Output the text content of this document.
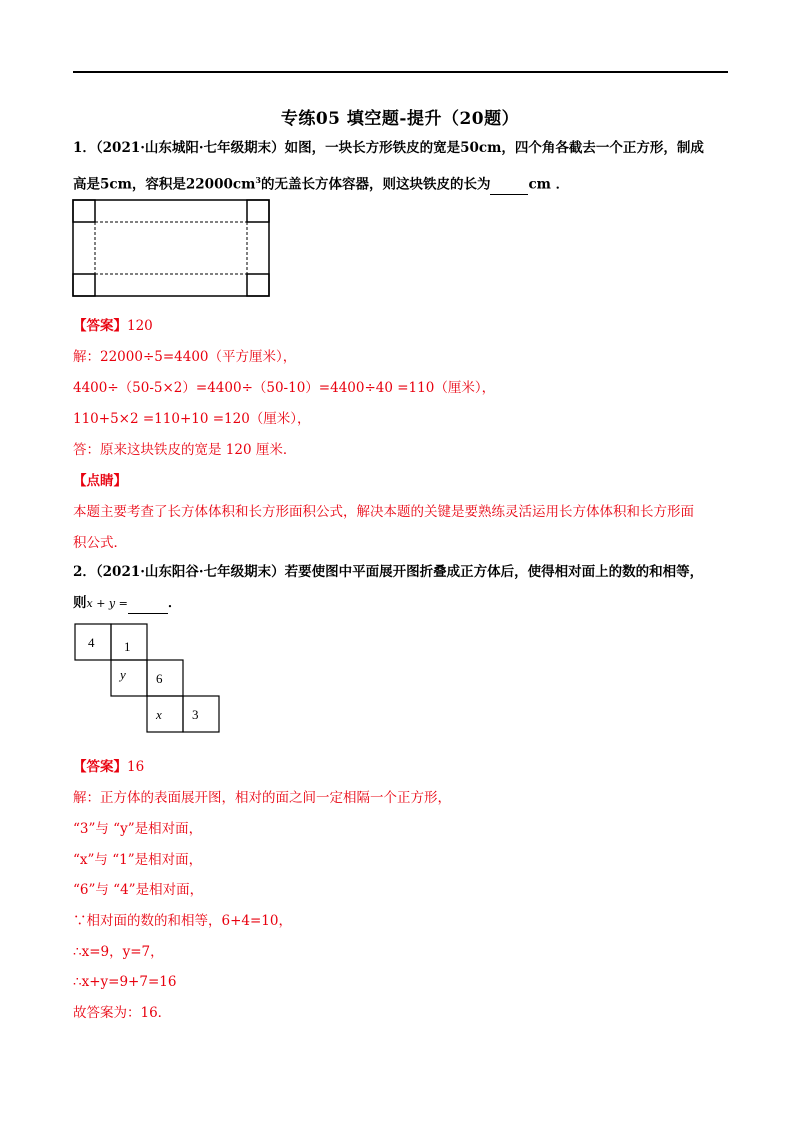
专练05 填空题-提升（20题）
1．（2021·山东城阳·七年级期末）如图，一块长方形铁皮的宽是50cm，四个角各截去一个正方形，制成
高是5cm，容积是$22000cm^3$的无盖长方体容器，则这块铁皮的长为	cm ．
【答案】120
解：22000÷5=4400（平方厘米），
4400÷（50-5×2）=4400÷（50-10）=4400÷40 =110（厘米），
110+5×2 =110+10 =120（厘米），
答：原来这块铁皮的宽是 120 厘米．
【点睛】
本题主要考查了长方体体积和长方形面积公式，解决本题的关键是要熟练灵活运用长方体体积和长方形面
积公式．
2．（2021·山东阳谷·七年级期末）若要使图中平面展开图折叠成正方体后，使得相对面上的数的和相等，
则x + y =	．
4 1
y 6
x 3
【答案】16
解：正方体的表面展开图，相对的面之间一定相隔一个正方形，
“3”与 “y”是相对面，
“x”与 “1”是相对面，
“6”与 “4”是相对面，
∵相对面的数的和相等，6+4=10，
∴x=9，y=7，
∴x+y=9+7=16
故答案为：16．
